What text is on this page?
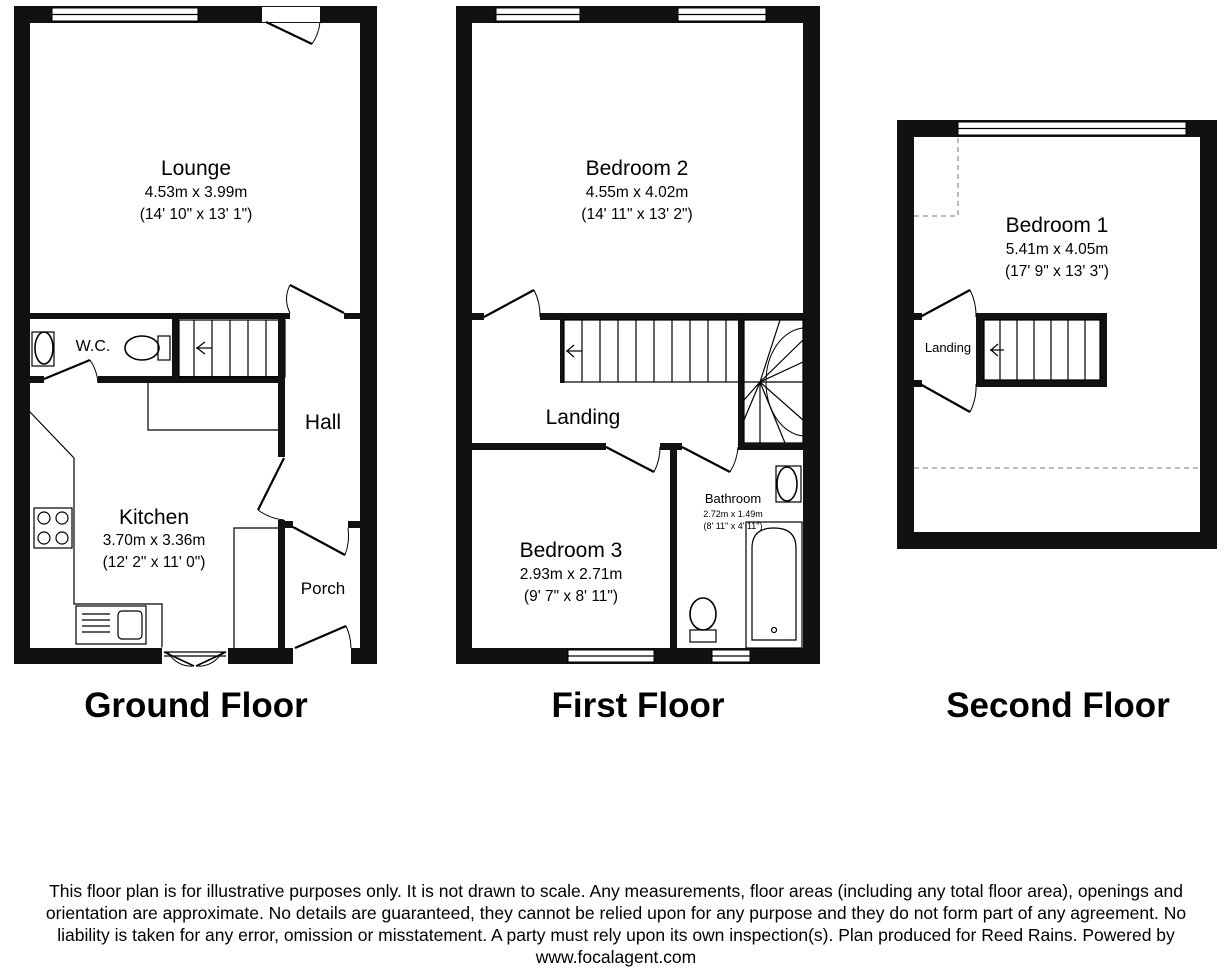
Lounge
4.53m x 3.99m
(14' 10" x 13' 1")
W.C.
Hall
Kitchen
3.70m x 3.36m
(12' 2" x 11' 0")
Porch
Bedroom 2
4.55m x 4.02m
(14' 11" x 13' 2")
Landing
Bedroom 3
2.93m x 2.71m
(9' 7" x 8' 11")
Bathroom
2.72m x 1.49m
(8' 11" x 4' 11")
Bedroom 1
5.41m x 4.05m
(17' 9" x 13' 3")
Landing
Ground Floor	First Floor	Second Floor
This floor plan is for illustrative purposes only. It is not drawn to scale. Any measurements, floor areas (including any total floor area), openings and
orientation are approximate. No details are guaranteed, they cannot be relied upon for any purpose and they do not form part of any agreement. No
liability is taken for any error, omission or misstatement. A party must rely upon its own inspection(s). Plan produced for Reed Rains. Powered by
www.focalagent.com
